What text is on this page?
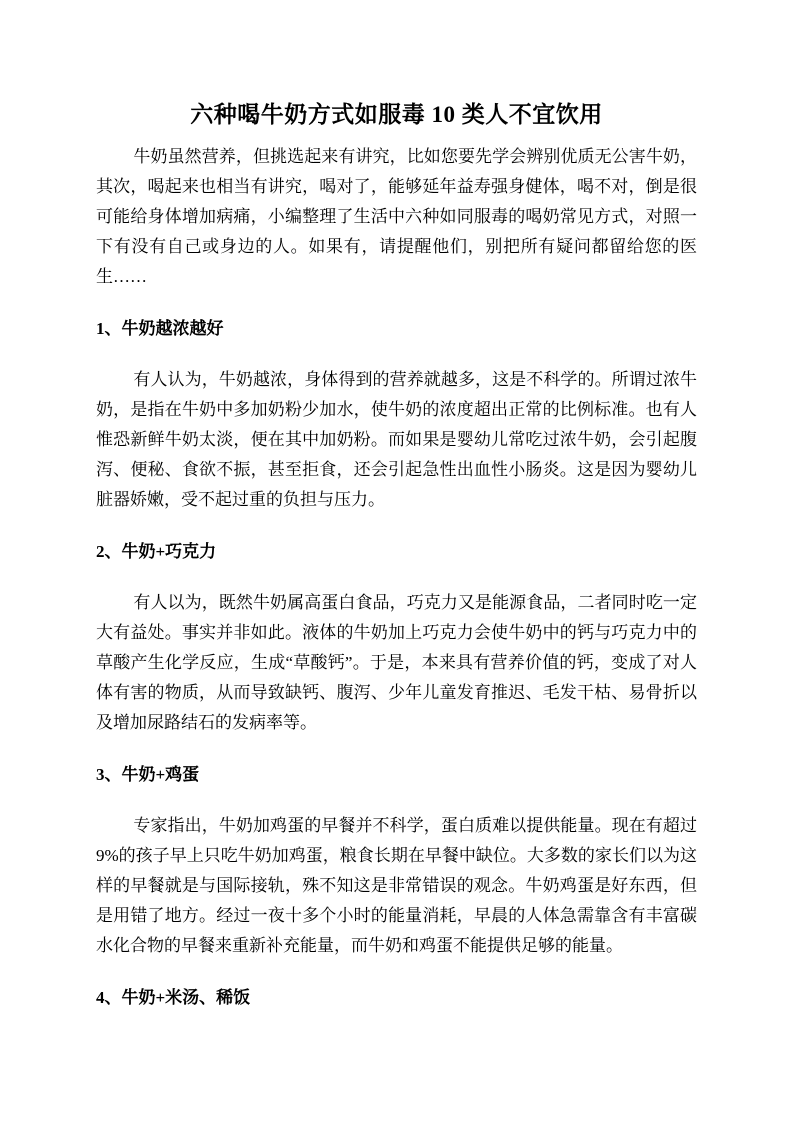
六种喝牛奶方式如服毒 10 类人不宜饮用

牛奶虽然营养，但挑选起来有讲究，比如您要先学会辨别优质无公害牛奶，其次，喝起来也相当有讲究，喝对了，能够延年益寿强身健体，喝不对，倒是很可能给身体增加病痛，小编整理了生活中六种如同服毒的喝奶常见方式，对照一下有没有自己或身边的人。如果有，请提醒他们，别把所有疑问都留给您的医生……

1、牛奶越浓越好

有人认为，牛奶越浓，身体得到的营养就越多，这是不科学的。所谓过浓牛奶，是指在牛奶中多加奶粉少加水，使牛奶的浓度超出正常的比例标准。也有人惟恐新鲜牛奶太淡，便在其中加奶粉。而如果是婴幼儿常吃过浓牛奶，会引起腹泻、便秘、食欲不振，甚至拒食，还会引起急性出血性小肠炎。这是因为婴幼儿脏器娇嫩，受不起过重的负担与压力。

2、牛奶+巧克力

有人以为，既然牛奶属高蛋白食品，巧克力又是能源食品，二者同时吃一定大有益处。事实并非如此。液体的牛奶加上巧克力会使牛奶中的钙与巧克力中的草酸产生化学反应，生成“草酸钙”。于是，本来具有营养价值的钙，变成了对人体有害的物质，从而导致缺钙、腹泻、少年儿童发育推迟、毛发干枯、易骨折以及增加尿路结石的发病率等。

3、牛奶+鸡蛋

专家指出，牛奶加鸡蛋的早餐并不科学，蛋白质难以提供能量。现在有超过9%的孩子早上只吃牛奶加鸡蛋，粮食长期在早餐中缺位。大多数的家长们以为这样的早餐就是与国际接轨，殊不知这是非常错误的观念。牛奶鸡蛋是好东西，但是用错了地方。经过一夜十多个小时的能量消耗，早晨的人体急需靠含有丰富碳水化合物的早餐来重新补充能量，而牛奶和鸡蛋不能提供足够的能量。

4、牛奶+米汤、稀饭
